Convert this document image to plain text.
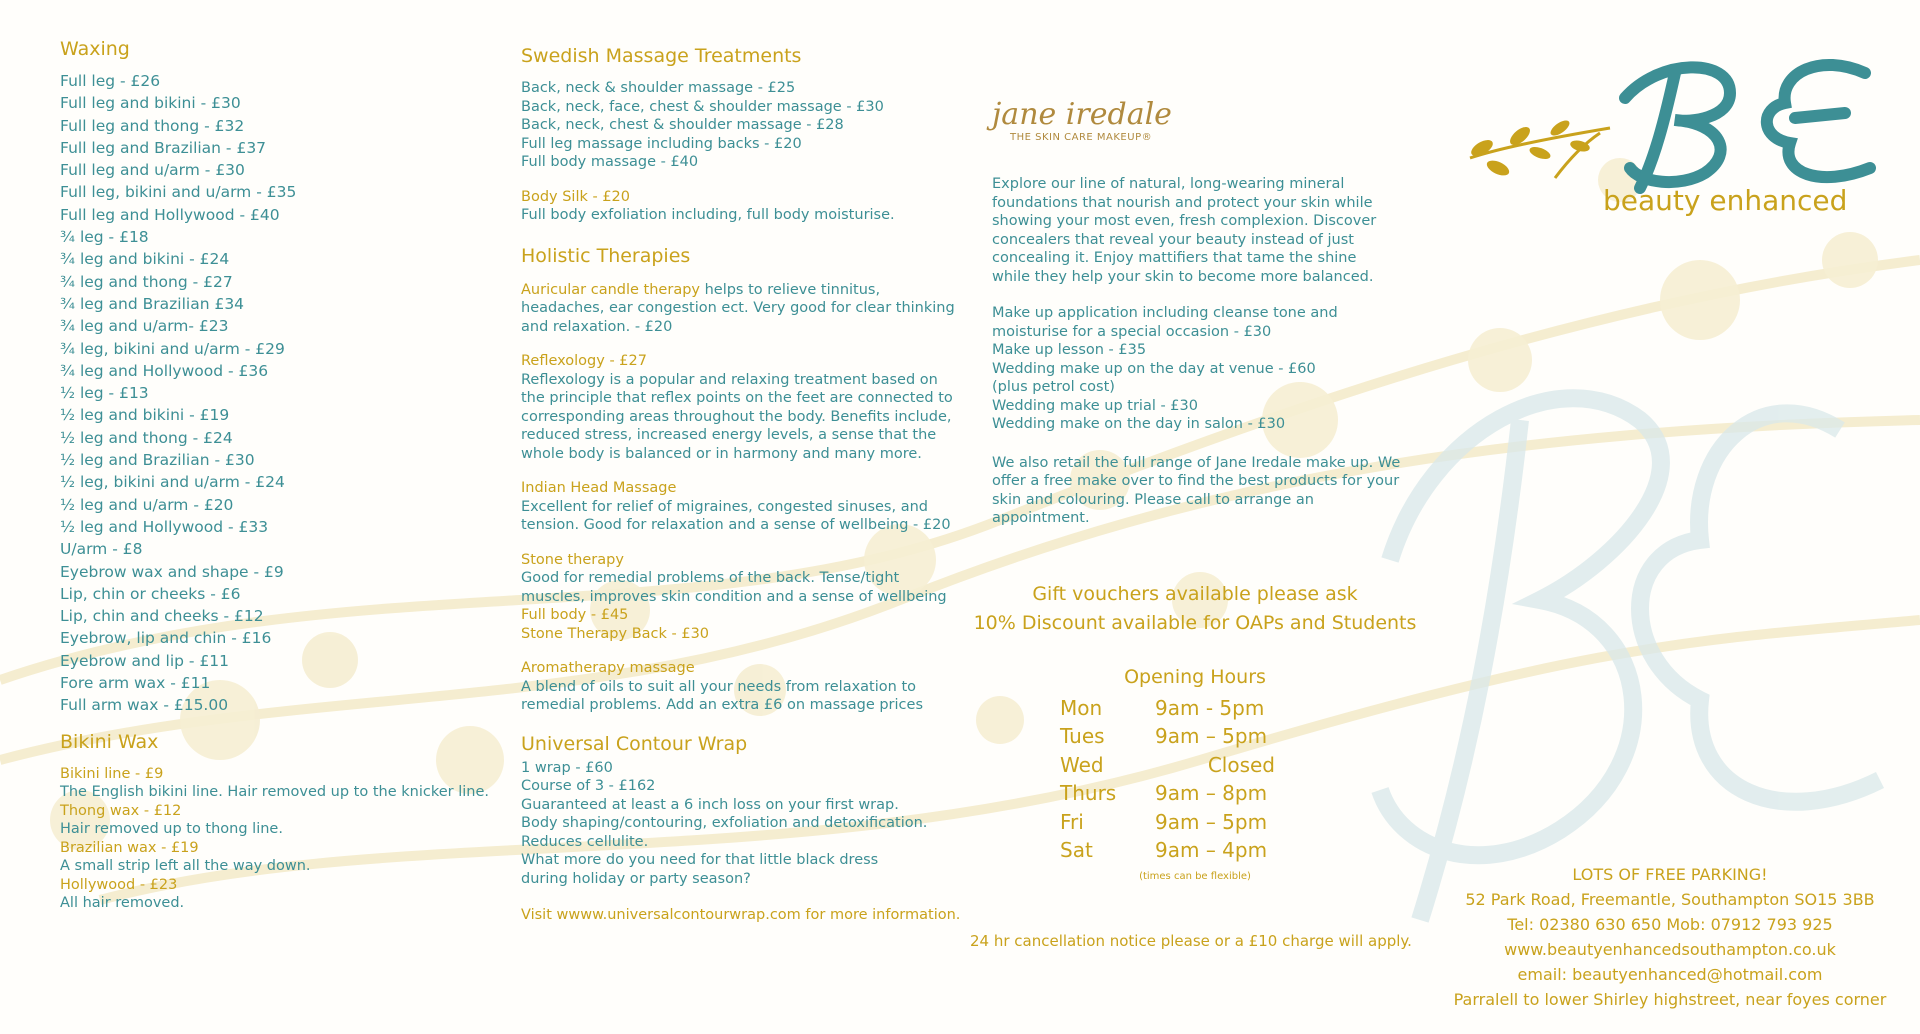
Waxing
Full leg - £26
Full leg and bikini - £30
Full leg and thong - £32
Full leg and Brazilian - £37
Full leg and u/arm - £30
Full leg, bikini and u/arm - £35
Full leg and Hollywood - £40
¾ leg - £18
¾ leg and bikini - £24
¾ leg and thong - £27
¾ leg and Brazilian £34
¾ leg and u/arm- £23
¾ leg, bikini and u/arm - £29
¾ leg and Hollywood - £36
½ leg - £13
½ leg and bikini - £19
½ leg and thong - £24
½ leg and Brazilian - £30
½ leg, bikini and u/arm - £24
½ leg and u/arm - £20
½ leg and Hollywood - £33
U/arm - £8
Eyebrow wax and shape - £9
Lip, chin or cheeks - £6
Lip, chin and cheeks - £12
Eyebrow, lip and chin - £16
Eyebrow and lip - £11
Fore arm wax - £11
Full arm wax - £15.00
Bikini Wax
Bikini line - £9
The English bikini line. Hair removed up to the knicker line.
Thong wax - £12
Hair removed up to thong line.
Brazilian wax - £19
A small strip left all the way down.
Hollywood - £23
All hair removed.
Swedish Massage Treatments
Back, neck & shoulder massage - £25
Back, neck, face, chest & shoulder massage - £30
Back, neck, chest & shoulder massage - £28
Full leg massage including backs - £20
Full body massage - £40
Body Silk - £20
Full body exfoliation including, full body moisturise.
Holistic Therapies
Auricular candle therapy helps to relieve tinnitus, headaches, ear congestion ect. Very good for clear thinking and relaxation. - £20
Reflexology - £27
Reflexology is a popular and relaxing treatment based on the principle that reflex points on the feet are connected to corresponding areas throughout the body. Benefits include, reduced stress, increased energy levels, a sense that the whole body is balanced or in harmony and many more.
Indian Head Massage
Excellent for relief of migraines, congested sinuses, and tension. Good for relaxation and a sense of wellbeing - £20
Stone therapy
Good for remedial problems of the back. Tense/tight muscles, improves skin condition and a sense of wellbeing
Full body - £45
Stone Therapy Back - £30
Aromatherapy massage
A blend of oils to suit all your needs from relaxation to remedial problems. Add an extra £6 on massage prices
Universal Contour Wrap
1 wrap - £60
Course of 3 - £162
Guaranteed at least a 6 inch loss on your first wrap.
Body shaping/contouring, exfoliation and detoxification.
Reduces cellulite.
What more do you need for that little black dress
during holiday or party season?
Visit wwww.universalcontourwrap.com for more information.
jane iredale
THE SKIN CARE MAKEUP®
Explore our line of natural, long-wearing mineral foundations that nourish and protect your skin while showing your most even, fresh complexion. Discover concealers that reveal your beauty instead of just concealing it. Enjoy mattifiers that tame the shine while they help your skin to become more balanced.
Make up application including cleanse tone and
moisturise for a special occasion - £30
Make up lesson - £35
Wedding make up on the day at venue - £60
(plus petrol cost)
Wedding make up trial - £30
Wedding make on the day in salon - £30
We also retail the full range of Jane Iredale make up. We offer a free make over to find the best products for your skin and colouring. Please call to arrange an appointment.
Gift vouchers available please ask
10% Discount available for OAPs and Students
Opening Hours
Mon	9am - 5pm
Tues	9am – 5pm
Wed	Closed
Thurs	9am – 8pm
Fri	9am – 5pm
Sat	9am – 4pm
(times can be flexible)
24 hr cancellation notice please or a £10 charge will apply.
beauty enhanced
LOTS OF FREE PARKING!
52 Park Road, Freemantle, Southampton SO15 3BB
Tel: 02380 630 650 Mob: 07912 793 925
www.beautyenhancedsouthampton.co.uk
email: beautyenhanced@hotmail.com
Parralell to lower Shirley highstreet, near foyes corner
